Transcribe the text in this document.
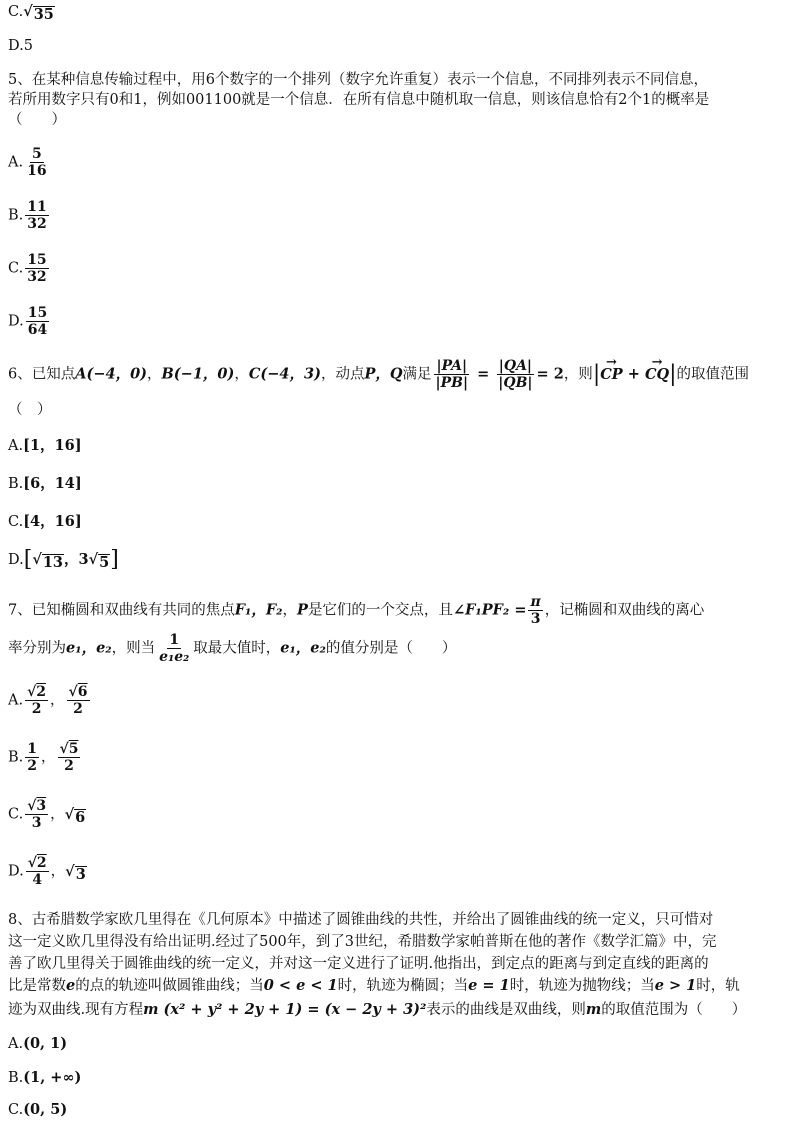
C. √ 35
D.5
5、在某种信息传输过程中，用6个数字的一个排列（数字允许重复）表示一个信息，不同排列表示不同信息，
若所用数字只有0和1，例如001100就是一个信息．在所有信息中随机取一信息，则该信息恰有2个1的概率是
（　　）
A. $\frac{5}{16}$
B. $\frac{11}{32}$
C. $\frac{15}{32}$
D. $\frac{15}{64}$
6、已知点A(−4，0)，B(−1，0)，C(−4，3)，动点P，Q满足 $\frac{|PA|}{|PB|} = \frac{|QA|}{|QB|} = 2$，则|→ CP + → CQ|的取值范围
（　）
A.[1，16]
B.[6，14]
C.[4，16]
D.[ √ 13 ，3 √ 5 ]
7、已知椭圆和双曲线有共同的焦点F₁，F₂，P是它们的一个交点，且∠F₁PF₂ = $\frac{\pi}{3}$ ，记椭圆和双曲线的离心
率分别为e₁，e₂，则当 $\frac{1}{\text{e₁e₂}}$ 取最大值时，e₁，e₂的值分别是（　　）
A. $\frac{√2}{2}$ ， $\frac{√6}{2}$
B. $\frac{1}{2}$ ， $\frac{√5}{2}$
C. $\frac{√3}{3}$ ， √ 6
D. $\frac{√2}{4}$ ， √ 3
8、古希腊数学家欧几里得在《几何原本》中描述了圆锥曲线的共性，并给出了圆锥曲线的统一定义，只可惜对
这一定义欧几里得没有给出证明.经过了500年，到了3世纪，希腊数学家帕普斯在他的著作《数学汇篇》中，完
善了欧几里得关于圆锥曲线的统一定义，并对这一定义进行了证明.他指出，到定点的距离与到定直线的距离的
比是常数e的点的轨迹叫做圆锥曲线；当0 < e < 1时，轨迹为椭圆；当e = 1时，轨迹为抛物线；当e > 1时，轨
迹为双曲线.现有方程m (x² + y² + 2y + 1) = (x − 2y + 3)²表示的曲线是双曲线，则m的取值范围为（　　）
A.(0, 1)
B.(1, +∞)
C.(0, 5)
